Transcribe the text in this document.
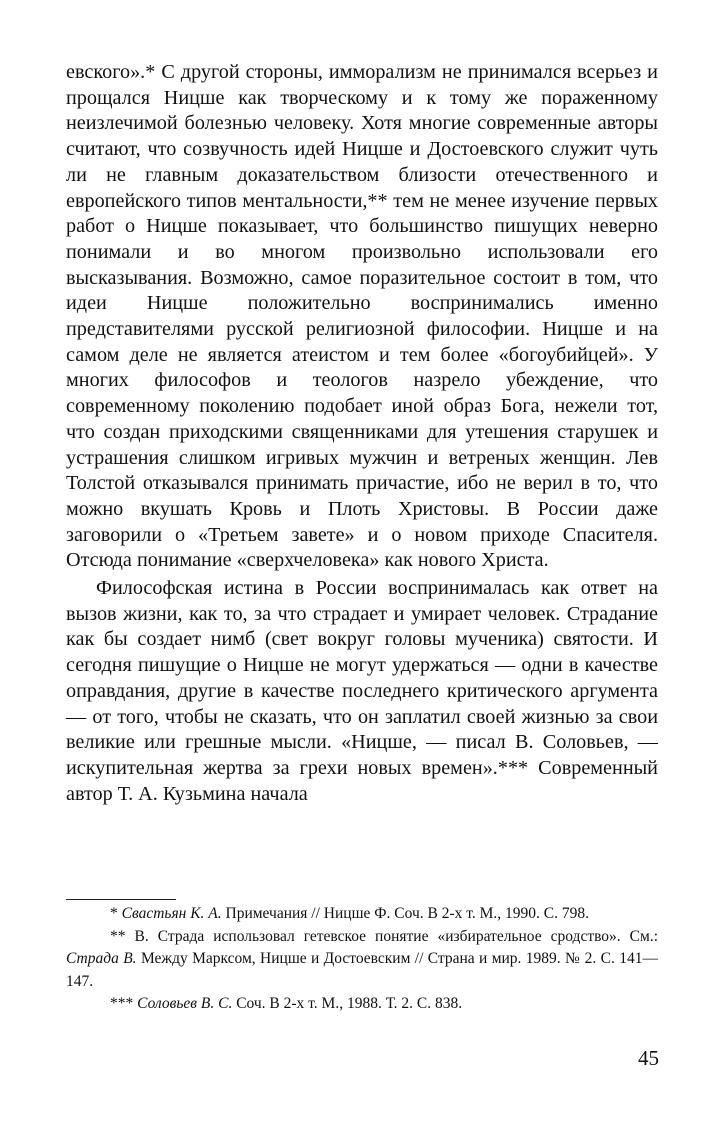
евского».* С другой стороны, имморализм не принимался всерьез и прощался Ницше как творческому и к тому же пораженному неизлечимой болезнью человеку. Хотя многие современные авторы считают, что созвучность идей Ницше и Достоевского служит чуть ли не главным доказательством близости отечественного и европейского типов ментальности,** тем не менее изучение первых работ о Ницше показывает, что большинство пишущих неверно понимали и во многом произвольно использовали его высказывания. Возможно, самое поразительное состоит в том, что идеи Ницше положительно воспринимались именно представителями русской религиозной философии. Ницше и на самом деле не является атеистом и тем более «богоубийцей». У многих философов и теологов назрело убеждение, что современному поколению подобает иной образ Бога, нежели тот, что создан приходскими священниками для утешения старушек и устрашения слишком игривых мужчин и ветреных женщин. Лев Толстой отказывался принимать причастие, ибо не верил в то, что можно вкушать Кровь и Плоть Христовы. В России даже заговорили о «Третьем завете» и о новом приходе Спасителя. Отсюда понимание «сверхчеловека» как нового Христа.

Философская истина в России воспринималась как ответ на вызов жизни, как то, за что страдает и умирает человек. Страдание как бы создает нимб (свет вокруг головы мученика) святости. И сегодня пишущие о Ницше не могут удержаться — одни в качестве оправдания, другие в качестве последнего критического аргумента — от того, чтобы не сказать, что он заплатил своей жизнью за свои великие или грешные мысли. «Ницше, — писал В. Соловьев, — искупительная жертва за грехи новых времен».*** Современный автор Т. А. Кузьмина начала

* Свастьян К. А. Примечания // Ницше Ф. Соч. В 2-х т. М., 1990. С. 798.

** В. Страда использовал гетевское понятие «избирательное сродство». См.: Страда В. Между Марксом, Ницше и Достоевским // Страна и мир. 1989. № 2. С. 141—147.

*** Соловьев В. С. Соч. В 2-х т. М., 1988. Т. 2. С. 838.

45
